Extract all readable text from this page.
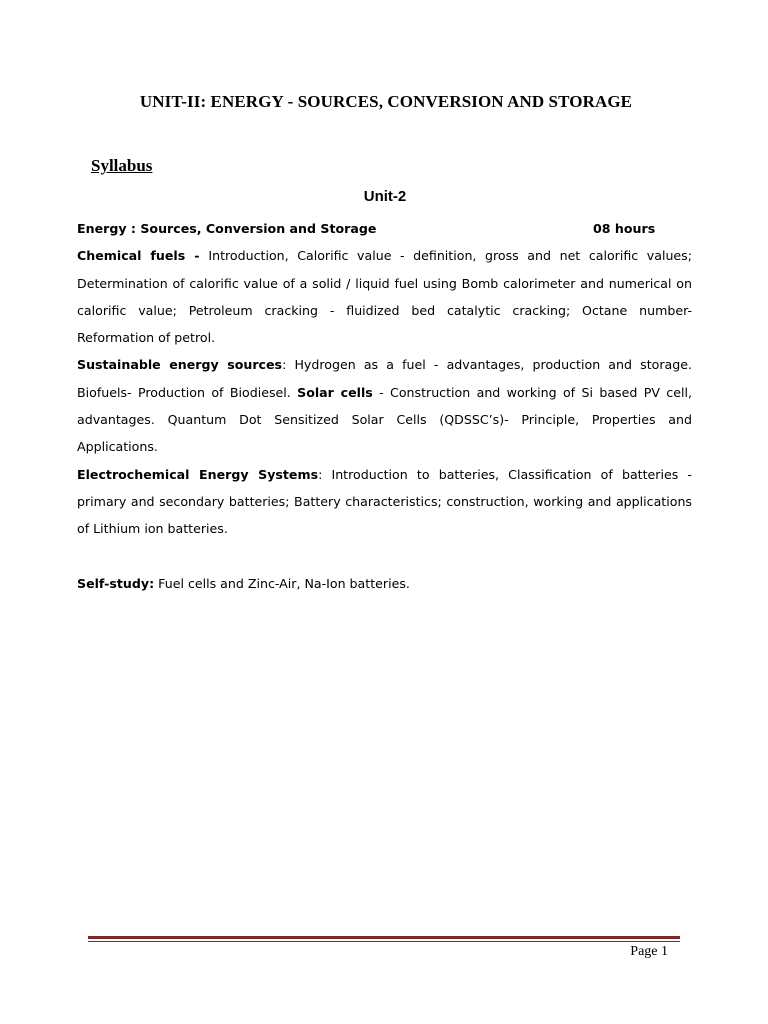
UNIT-II: ENERGY - SOURCES, CONVERSION AND STORAGE
Syllabus
Unit-2
Energy : Sources, Conversion and Storage	08 hours

Chemical fuels - Introduction, Calorific value - definition, gross and net calorific values; Determination of calorific value of a solid / liquid fuel using Bomb calorimeter and numerical on calorific value; Petroleum cracking - fluidized bed catalytic cracking; Octane number- Reformation of petrol.

Sustainable energy sources: Hydrogen as a fuel - advantages, production and storage. Biofuels- Production of Biodiesel. Solar cells - Construction and working of Si based PV cell, advantages. Quantum Dot Sensitized Solar Cells (QDSSC’s)- Principle, Properties and Applications.

Electrochemical Energy Systems: Introduction to batteries, Classification of batteries - primary and secondary batteries; Battery characteristics; construction, working and applications of Lithium ion batteries.

Self-study: Fuel cells and Zinc-Air, Na-Ion batteries.

Page 1
